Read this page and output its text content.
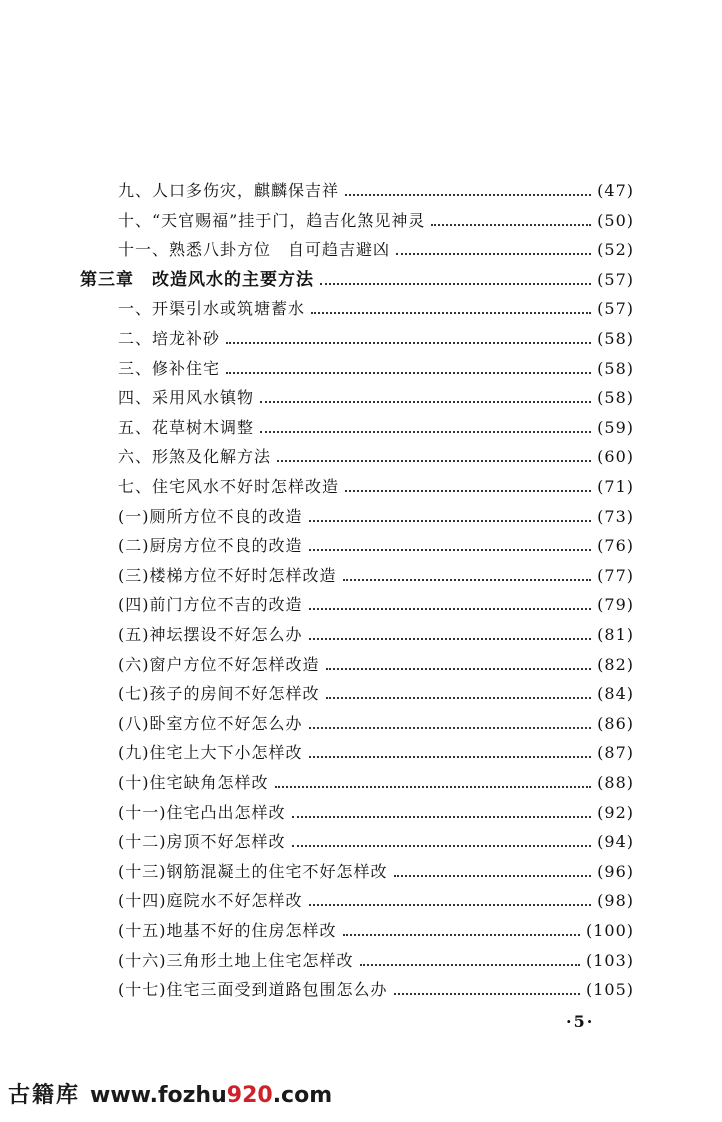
九、人口多伤灾，麒麟保吉祥	(47)
十、“天官赐福”挂于门，趋吉化煞见神灵	(50)
十一、熟悉八卦方位　自可趋吉避凶	(52)
第三章　改造风水的主要方法	(57)
一、开渠引水或筑塘蓄水	(57)
二、培龙补砂	(58)
三、修补住宅	(58)
四、采用风水镇物	(58)
五、花草树木调整	(59)
六、形煞及化解方法	(60)
七、住宅风水不好时怎样改造	(71)
(一)厕所方位不良的改造	(73)
(二)厨房方位不良的改造	(76)
(三)楼梯方位不好时怎样改造	(77)
(四)前门方位不吉的改造	(79)
(五)神坛摆设不好怎么办	(81)
(六)窗户方位不好怎样改造	(82)
(七)孩子的房间不好怎样改	(84)
(八)卧室方位不好怎么办	(86)
(九)住宅上大下小怎样改	(87)
(十)住宅缺角怎样改	(88)
(十一)住宅凸出怎样改	(92)
(十二)房顶不好怎样改	(94)
(十三)钢筋混凝土的住宅不好怎样改	(96)
(十四)庭院水不好怎样改	(98)
(十五)地基不好的住房怎样改	(100)
(十六)三角形土地上住宅怎样改	(103)
(十七)住宅三面受到道路包围怎么办	(105)
·5·
古籍库 www.fozhu920.com
